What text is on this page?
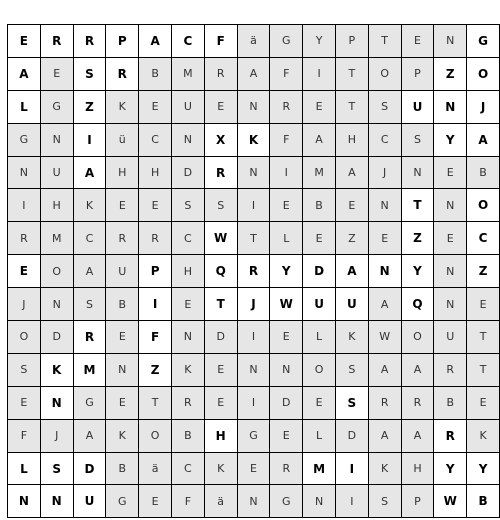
E	R	R	P	A	C	F	ä	G	Y	P	T	E	N	G
A	E	S	R	B	M	R	A	F	I	T	O	P	Z	O
L	G	Z	K	E	U	E	N	R	E	T	S	U	N	J
G	N	I	ü	C	N	X	K	F	A	H	C	S	Y	A
N	U	A	H	H	D	R	N	I	M	A	J	N	E	B
I	H	K	E	E	S	S	I	E	B	E	N	T	N	O
R	M	C	R	R	C	W	T	L	E	Z	E	Z	E	C
E	O	A	U	P	H	Q	R	Y	D	A	N	Y	N	Z
J	N	S	B	I	E	T	J	W	U	U	A	Q	N	E
O	D	R	E	F	N	D	I	E	L	K	W	O	U	T
S	K	M	N	Z	K	E	N	N	O	S	A	A	R	T
E	N	G	E	T	R	E	I	D	E	S	R	R	B	E
F	J	A	K	O	B	H	G	E	L	D	A	A	R	K
L	S	D	B	ä	C	K	E	R	M	I	K	H	Y	Y
N	N	U	G	E	F	ä	N	G	N	I	S	P	W	B
